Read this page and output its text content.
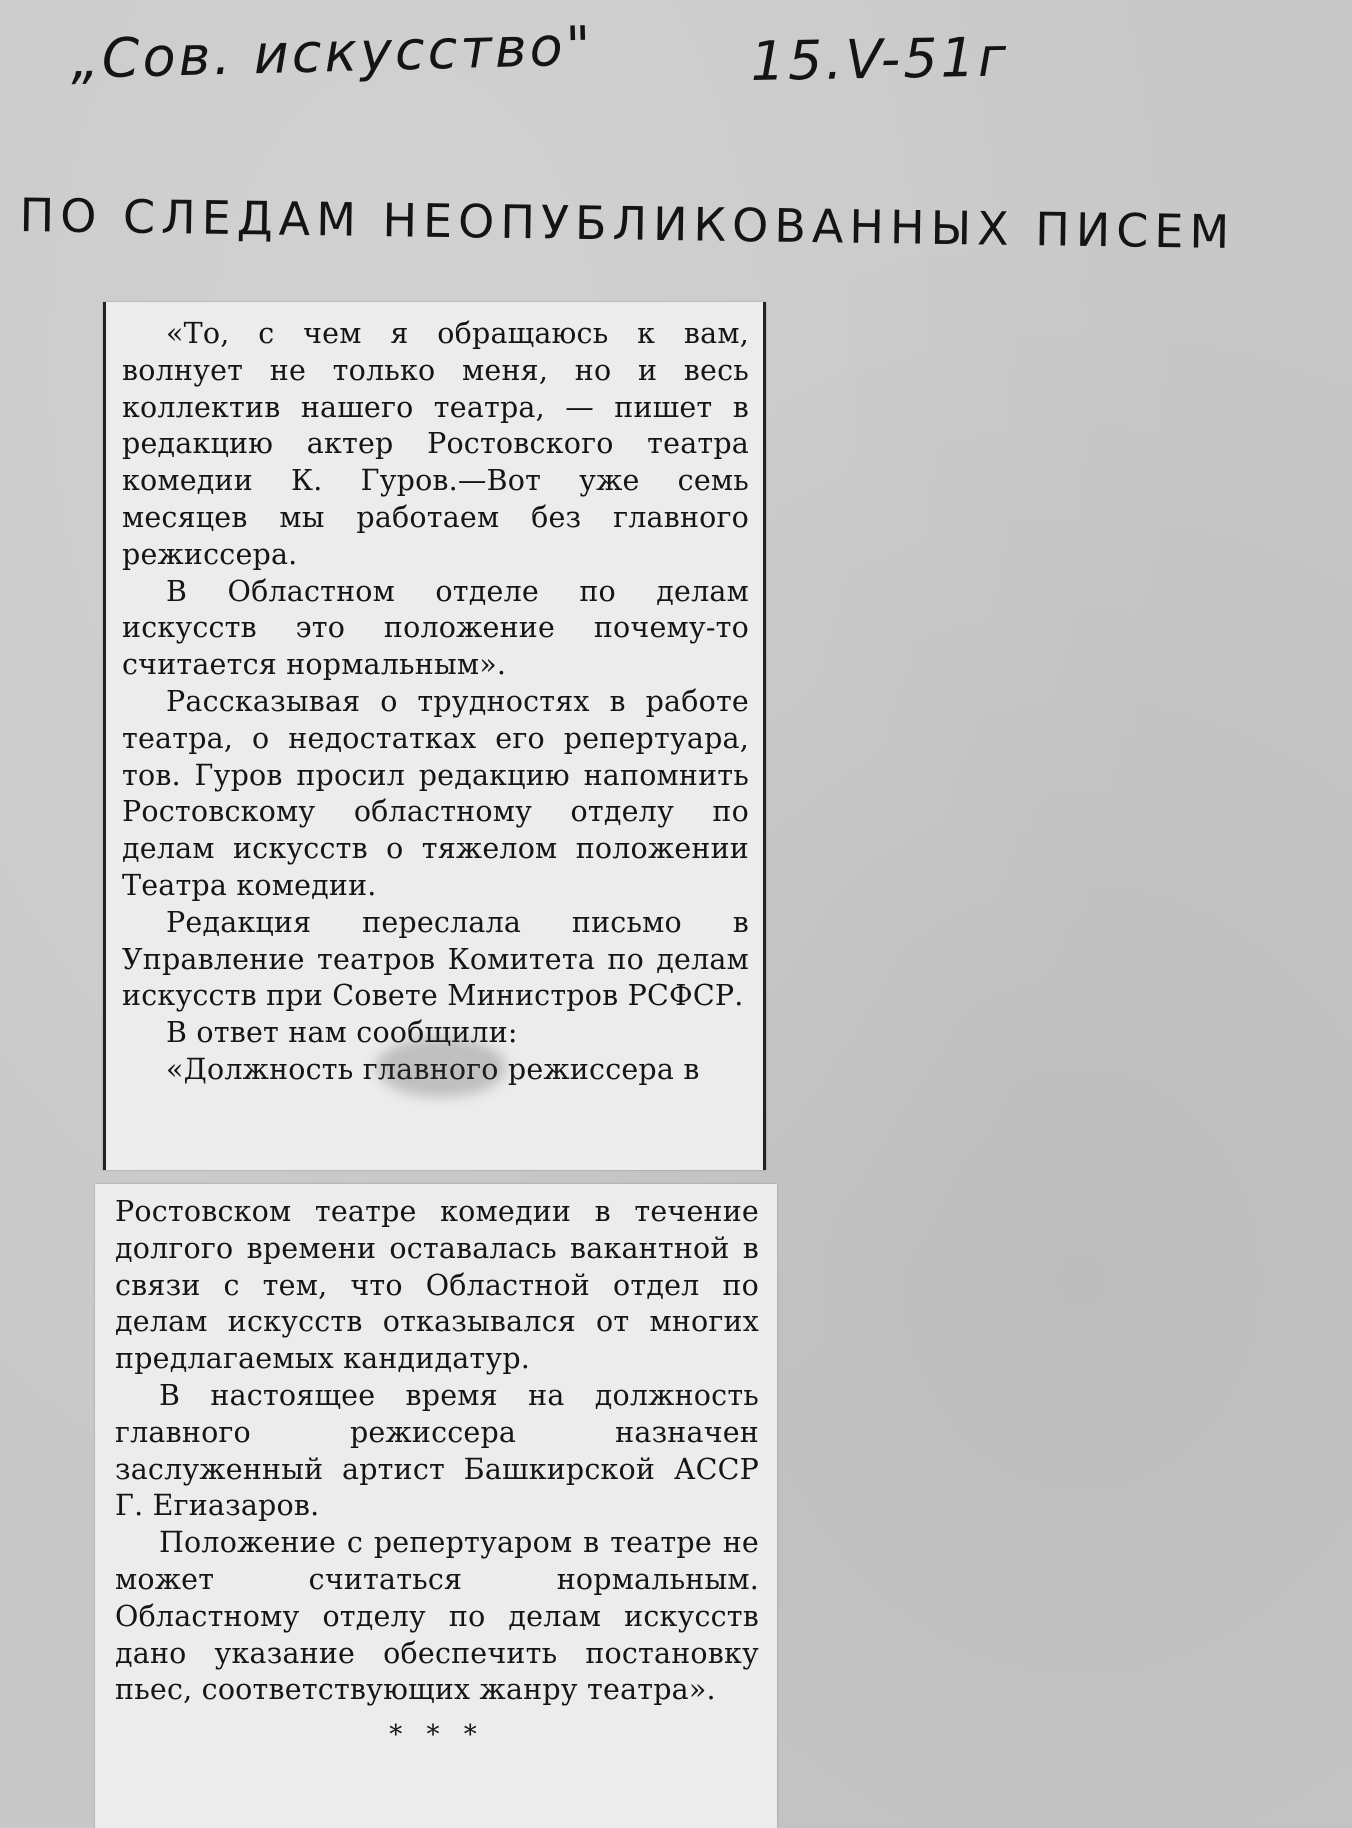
„Сов. искусство"	15.V-51г
ПО СЛЕДАМ НЕОПУБЛИКОВАННЫХ ПИСЕМ

«То, с чем я обращаюсь к вам, волнует не только меня, но и весь коллектив нашего театра, — пишет в редакцию актер Ростовского театра комедии К. Гуров.—Вот уже семь месяцев мы работаем без главного режиссера.

В Областном отделе по делам искусств это положение почему-то считается нормальным».

Рассказывая о трудностях в работе театра, о недостатках его репертуара, тов. Гуров просил редакцию напомнить Ростовскому областному отделу по делам искусств о тяжелом положении Театра комедии.

Редакция переслала письмо в Управление театров Комитета по делам искусств при Совете Министров РСФСР.

В ответ нам сообщили:

«Должность главного режиссера в

Ростовском театре комедии в течение долгого времени оставалась вакантной в связи с тем, что Областной отдел по делам искусств отказывался от многих предлагаемых кандидатур.

В настоящее время на должность главного режиссера назначен заслуженный артист Башкирской АССР Г. Егиазаров.

Положение с репертуаром в театре не может считаться нормальным. Областному отделу по делам искусств дано указание обеспечить постановку пьес, соответствующих жанру театра».

* * *
